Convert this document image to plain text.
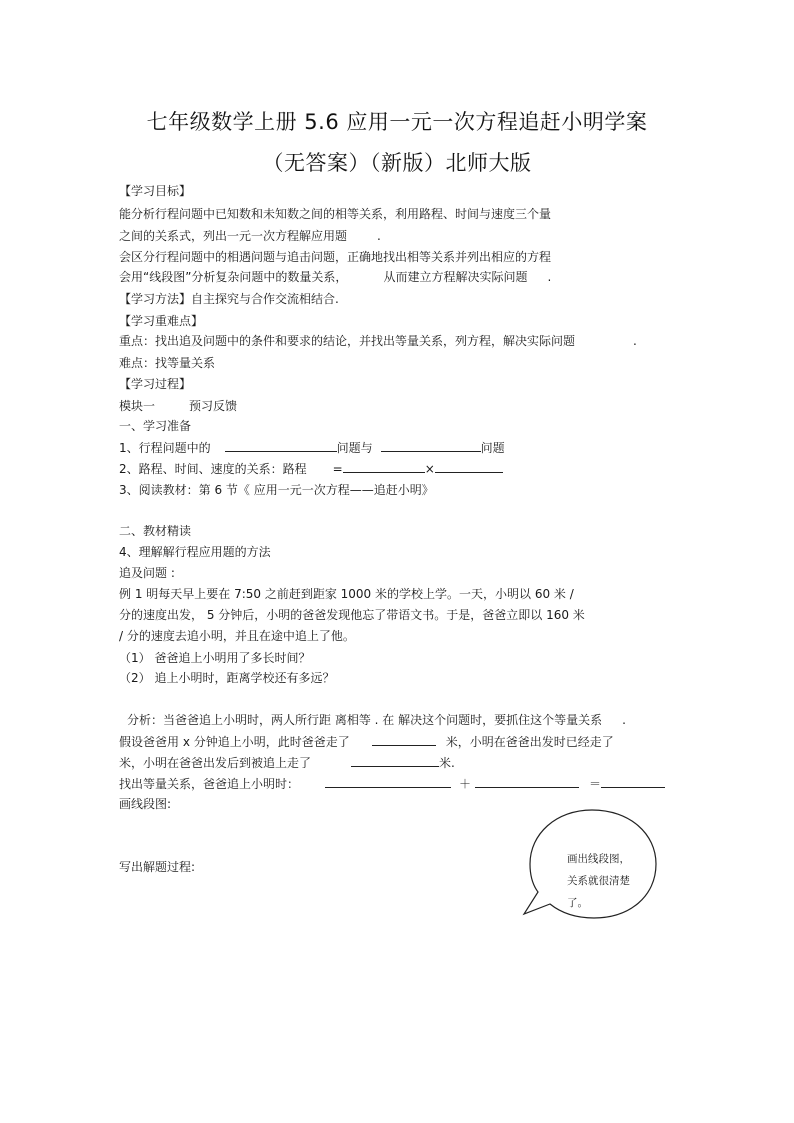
七年级数学上册 5.6 应用一元一次方程追赶小明学案
（无答案）（新版）北师大版
【学习目标】
能分析行程问题中已知数和未知数之间的相等关系，利用路程、时间与速度三个量
之间的关系式，列出一元一次方程解应用题	.
会区分行程问题中的相遇问题与追击问题，正确地找出相等关系并列出相应的方程
会用“线段图”分析复杂问题中的数量关系，	从而建立方程解决实际问题 .
【学习方法】自主探究与合作交流相结合.
【学习重难点】
重点：找出追及问题中的条件和要求的结论，并找出等量关系，列方程，解决实际问题	.
难点：找等量关系
【学习过程】
模块一	预习反馈
一、学习准备
1、行程问题中的	问题与	问题
2、路程、时间、速度的关系：路程 =	×
3、阅读教材：第 6 节《 应用一元一次方程——追赶小明》
二、教材精读
4、理解解行程应用题的方法
追及问题 :
例 1 明每天早上要在 7:50 之前赶到距家 1000 米的学校上学。一天，小明以 60 米 /
分的速度出发， 5 分钟后，小明的爸爸发现他忘了带语文书。于是，爸爸立即以 160 米
/ 分的速度去追小明，并且在途中追上了他。
（1） 爸爸追上小明用了多长时间？
（2） 追上小明时，距离学校还有多远？
分析：当爸爸追上小明时，两人所行距 离相等 . 在 解决这个问题时，要抓住这个等量关系 .
假设爸爸用 x 分钟追上小明，此时爸爸走了	米，小明在爸爸出发时已经走了
米，小明在爸爸出发后到被追上走了	米.
找出等量关系，爸爸追上小明时：	＋	＝
画线段图:
写出解题过程:
画出线段图，
关系就很清楚
了。
